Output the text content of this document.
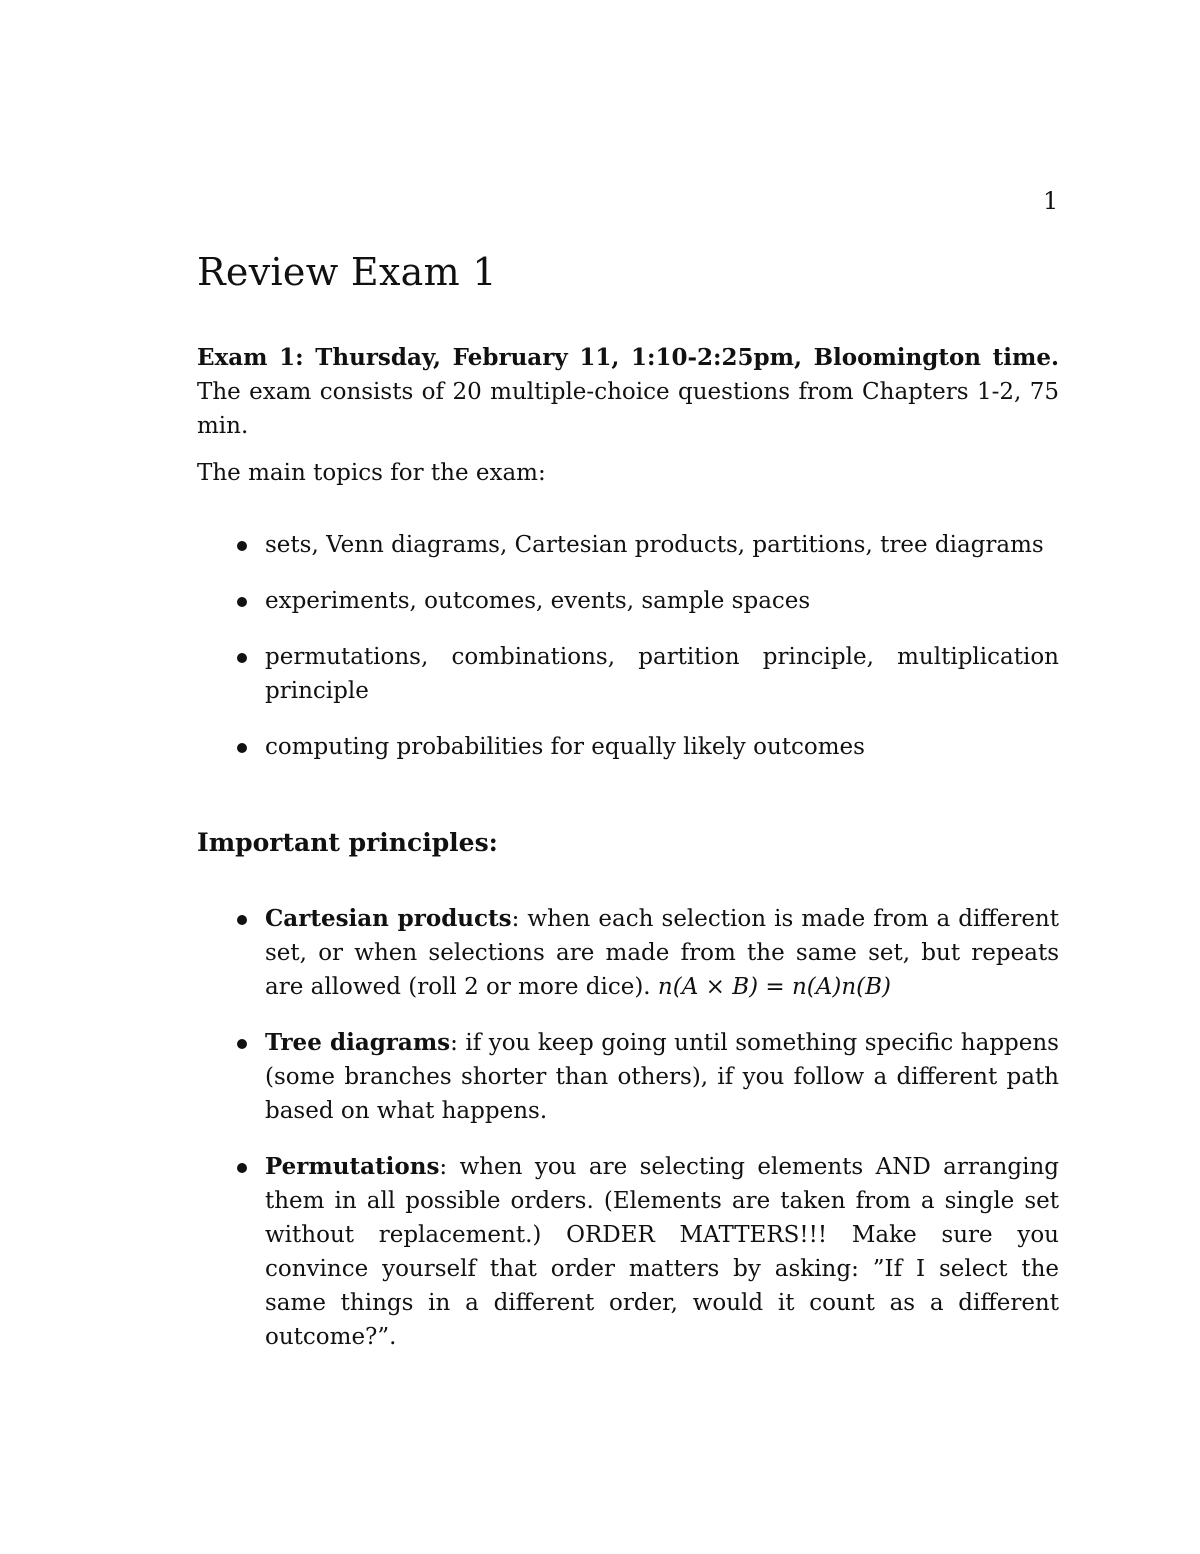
1
Review Exam 1

Exam 1: Thursday, February 11, 1:10-2:25pm, Bloomington time. The exam consists of 20 multiple-choice questions from Chapters 1-2, 75 min.

The main topics for the exam:

sets, Venn diagrams, Cartesian products, partitions, tree diagrams
experiments, outcomes, events, sample spaces
permutations, combinations, partition principle, multiplication principle
computing probabilities for equally likely outcomes
Important principles:
Cartesian products: when each selection is made from a different set, or when selections are made from the same set, but repeats are allowed (roll 2 or more dice). n(A × B) = n(A)n(B)
Tree diagrams: if you keep going until something specific happens (some branches shorter than others), if you follow a different path based on what happens.
Permutations: when you are selecting elements AND arranging them in all possible orders. (Elements are taken from a single set without replacement.) ORDER MATTERS!!! Make sure you convince yourself that order matters by asking: ”If I select the same things in a different order, would it count as a different outcome?”.
